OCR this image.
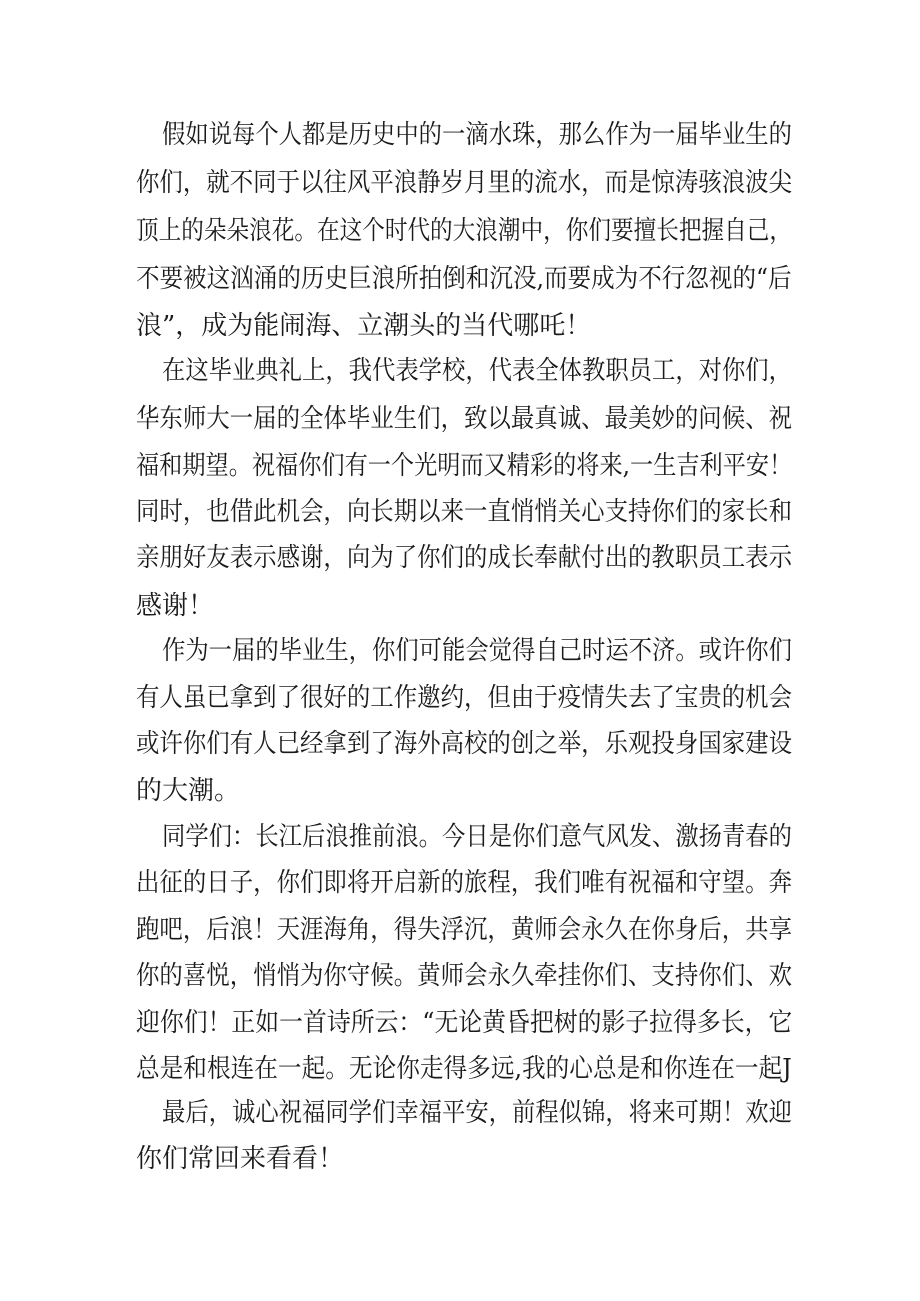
假如说每个人都是历史中的一滴水珠，那么作为一届毕业生的
你们，就不同于以往风平浪静岁月里的流水，而是惊涛骇浪波尖
顶上的朵朵浪花。在这个时代的大浪潮中，你们要擅长把握自己，
不要被这汹涌的历史巨浪所拍倒和沉没,而要成为不行忽视的“后
浪”，成为能闹海、立潮头的当代哪吒！
在这毕业典礼上，我代表学校，代表全体教职员工，对你们，
华东师大一届的全体毕业生们，致以最真诚、最美妙的问候、祝
福和期望。祝福你们有一个光明而又精彩的将来,一生吉利平安！
同时，也借此机会，向长期以来一直悄悄关心支持你们的家长和
亲朋好友表示感谢，向为了你们的成长奉献付出的教职员工表示
感谢！
作为一届的毕业生，你们可能会觉得自己时运不济。或许你们
有人虽已拿到了很好的工作邀约，但由于疫情失去了宝贵的机会
或许你们有人已经拿到了海外高校的创之举，乐观投身国家建设
的大潮。
同学们：长江后浪推前浪。今日是你们意气风发、激扬青春的
出征的日子，你们即将开启新的旅程，我们唯有祝福和守望。奔
跑吧，后浪！天涯海角，得失浮沉，黄师会永久在你身后，共享
你的喜悦，悄悄为你守候。黄师会永久牵挂你们、支持你们、欢
迎你们！正如一首诗所云：“无论黄昏把树的影子拉得多长，它
总是和根连在一起。无论你走得多远,我的心总是和你连在一起J
最后，诚心祝福同学们幸福平安，前程似锦，将来可期！欢迎
你们常回来看看！
